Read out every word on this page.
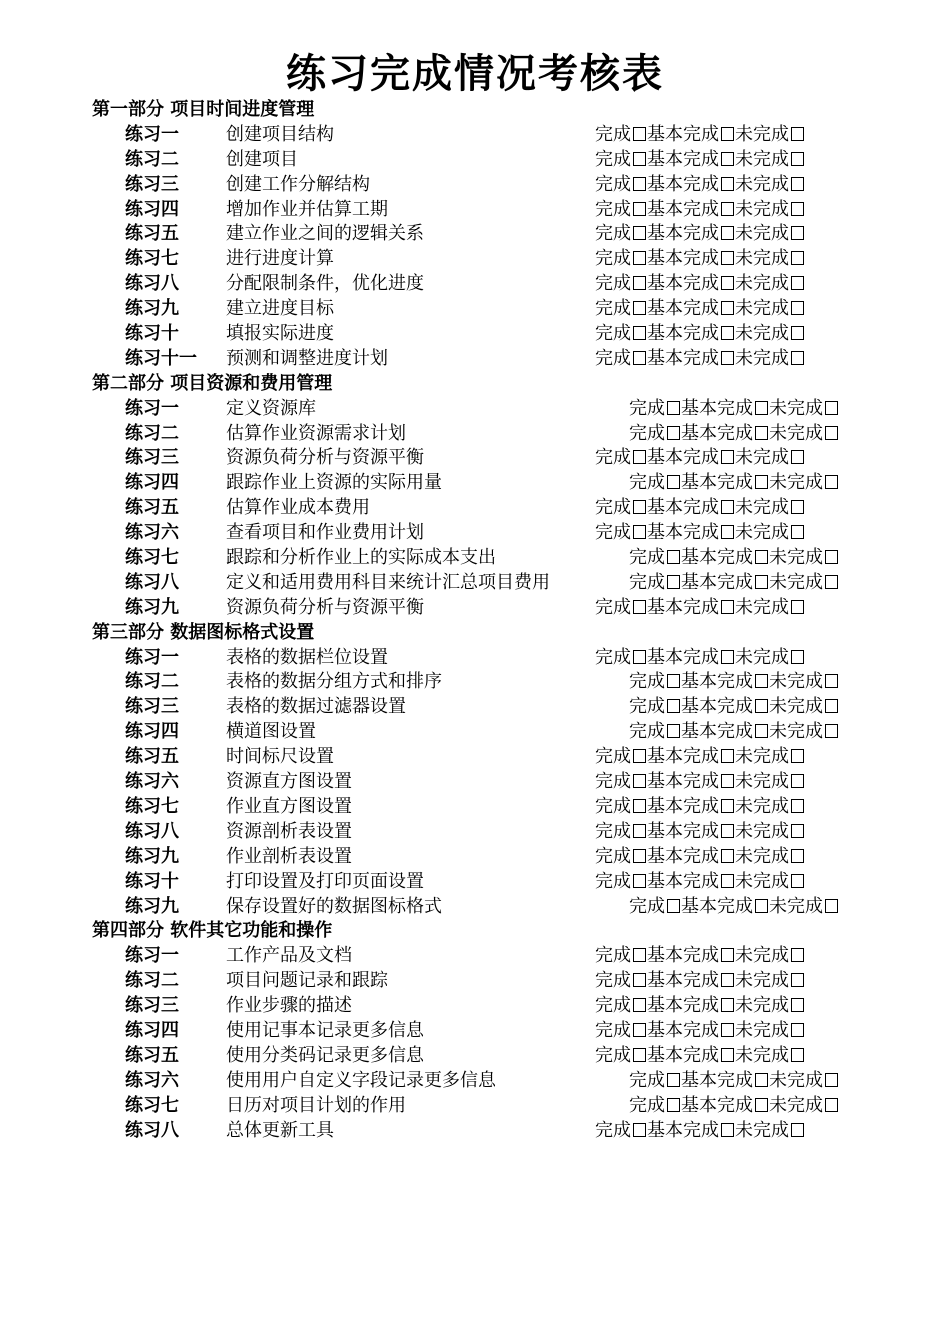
练习完成情况考核表
第一部分 项目时间进度管理
练习一	创建项目结构	完成 基本完成 未完成
练习二	创建项目	完成 基本完成 未完成
练习三	创建工作分解结构	完成 基本完成 未完成
练习四	增加作业并估算工期	完成 基本完成 未完成
练习五	建立作业之间的逻辑关系	完成 基本完成 未完成
练习七	进行进度计算	完成 基本完成 未完成
练习八	分配限制条件，优化进度	完成 基本完成 未完成
练习九	建立进度目标	完成 基本完成 未完成
练习十	填报实际进度	完成 基本完成 未完成
练习十一 预测和调整进度计划	完成 基本完成 未完成
第二部分 项目资源和费用管理
练习一	定义资源库	完成 基本完成 未完成
练习二	估算作业资源需求计划	完成 基本完成 未完成
练习三	资源负荷分析与资源平衡	完成 基本完成 未完成
练习四	跟踪作业上资源的实际用量	完成 基本完成 未完成
练习五	估算作业成本费用	完成 基本完成 未完成
练习六	查看项目和作业费用计划	完成 基本完成 未完成
练习七	跟踪和分析作业上的实际成本支出	完成 基本完成 未完成
练习八	定义和适用费用科目来统计汇总项目费用	完成 基本完成 未完成
练习九	资源负荷分析与资源平衡	完成 基本完成 未完成
第三部分 数据图标格式设置
练习一	表格的数据栏位设置	完成 基本完成 未完成
练习二	表格的数据分组方式和排序	完成 基本完成 未完成
练习三	表格的数据过滤器设置	完成 基本完成 未完成
练习四	横道图设置	完成 基本完成 未完成
练习五	时间标尺设置	完成 基本完成 未完成
练习六	资源直方图设置	完成 基本完成 未完成
练习七	作业直方图设置	完成 基本完成 未完成
练习八	资源剖析表设置	完成 基本完成 未完成
练习九	作业剖析表设置	完成 基本完成 未完成
练习十	打印设置及打印页面设置	完成 基本完成 未完成
练习九	保存设置好的数据图标格式	完成 基本完成 未完成
第四部分 软件其它功能和操作
练习一	工作产品及文档	完成 基本完成 未完成
练习二	项目问题记录和跟踪	完成 基本完成 未完成
练习三	作业步骤的描述	完成 基本完成 未完成
练习四	使用记事本记录更多信息	完成 基本完成 未完成
练习五	使用分类码记录更多信息	完成 基本完成 未完成
练习六	使用用户自定义字段记录更多信息	完成 基本完成 未完成
练习七	日历对项目计划的作用	完成 基本完成 未完成
练习八	总体更新工具	完成 基本完成 未完成
